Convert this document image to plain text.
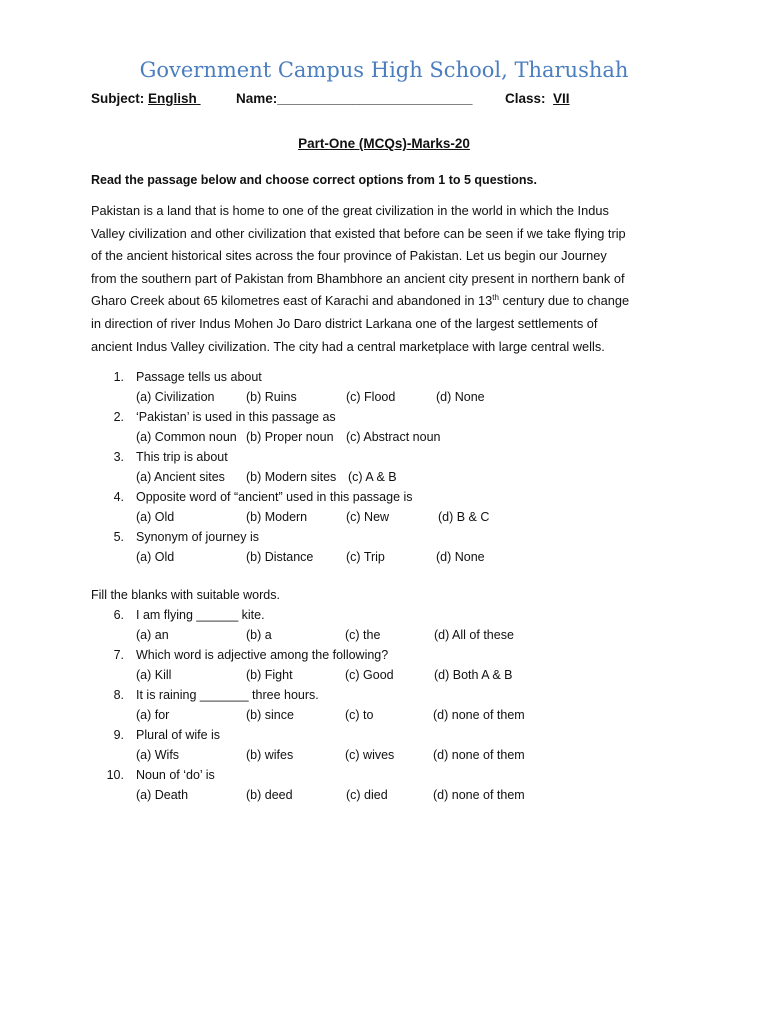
Government Campus High School, Tharushah
Subject: English	Name:__________________________ Class: VII
Part-One (MCQs)-Marks-20
Read the passage below and choose correct options from 1 to 5 questions.
Pakistan is a land that is home to one of the great civilization in the world in which the Indus
Valley civilization and other civilization that existed that before can be seen if we take flying trip
of the ancient historical sites across the four province of Pakistan. Let us begin our Journey
from the southern part of Pakistan from Bhambhore an ancient city present in northern bank of
Gharo Creek about 65 kilometres east of Karachi and abandoned in 13th century due to change
in direction of river Indus Mohen Jo Daro district Larkana one of the largest settlements of
ancient Indus Valley civilization. The city had a central marketplace with large central wells.
Fill the blanks with suitable words.
1. Passage tells us about
(a) Civilization	(b) Ruins	(c) Flood	(d) None
2. ‘Pakistan’ is used in this passage as
(a) Common noun (b) Proper noun (c) Abstract noun
3. This trip is about
(a) Ancient sites (b) Modern sites (c) A & B
4. Opposite word of “ancient” used in this passage is
(a) Old	(b) Modern	(c) New	(d) B & C
5. Synonym of journey is
(a) Old	(b) Distance	(c) Trip	(d) None
6. I am flying ______ kite.
(a) an	(b) a	(c) the	(d) All of these
7. Which word is adjective among the following?
(a) Kill	(b) Fight	(c) Good	(d) Both A & B
8. It is raining _______ three hours.
(a) for	(b) since	(c) to	(d) none of them
9. Plural of wife is
(a) Wifs	(b) wifes	(c) wives	(d) none of them
10. Noun of ‘do’ is
(a) Death	(b) deed	(c) died	(d) none of them
